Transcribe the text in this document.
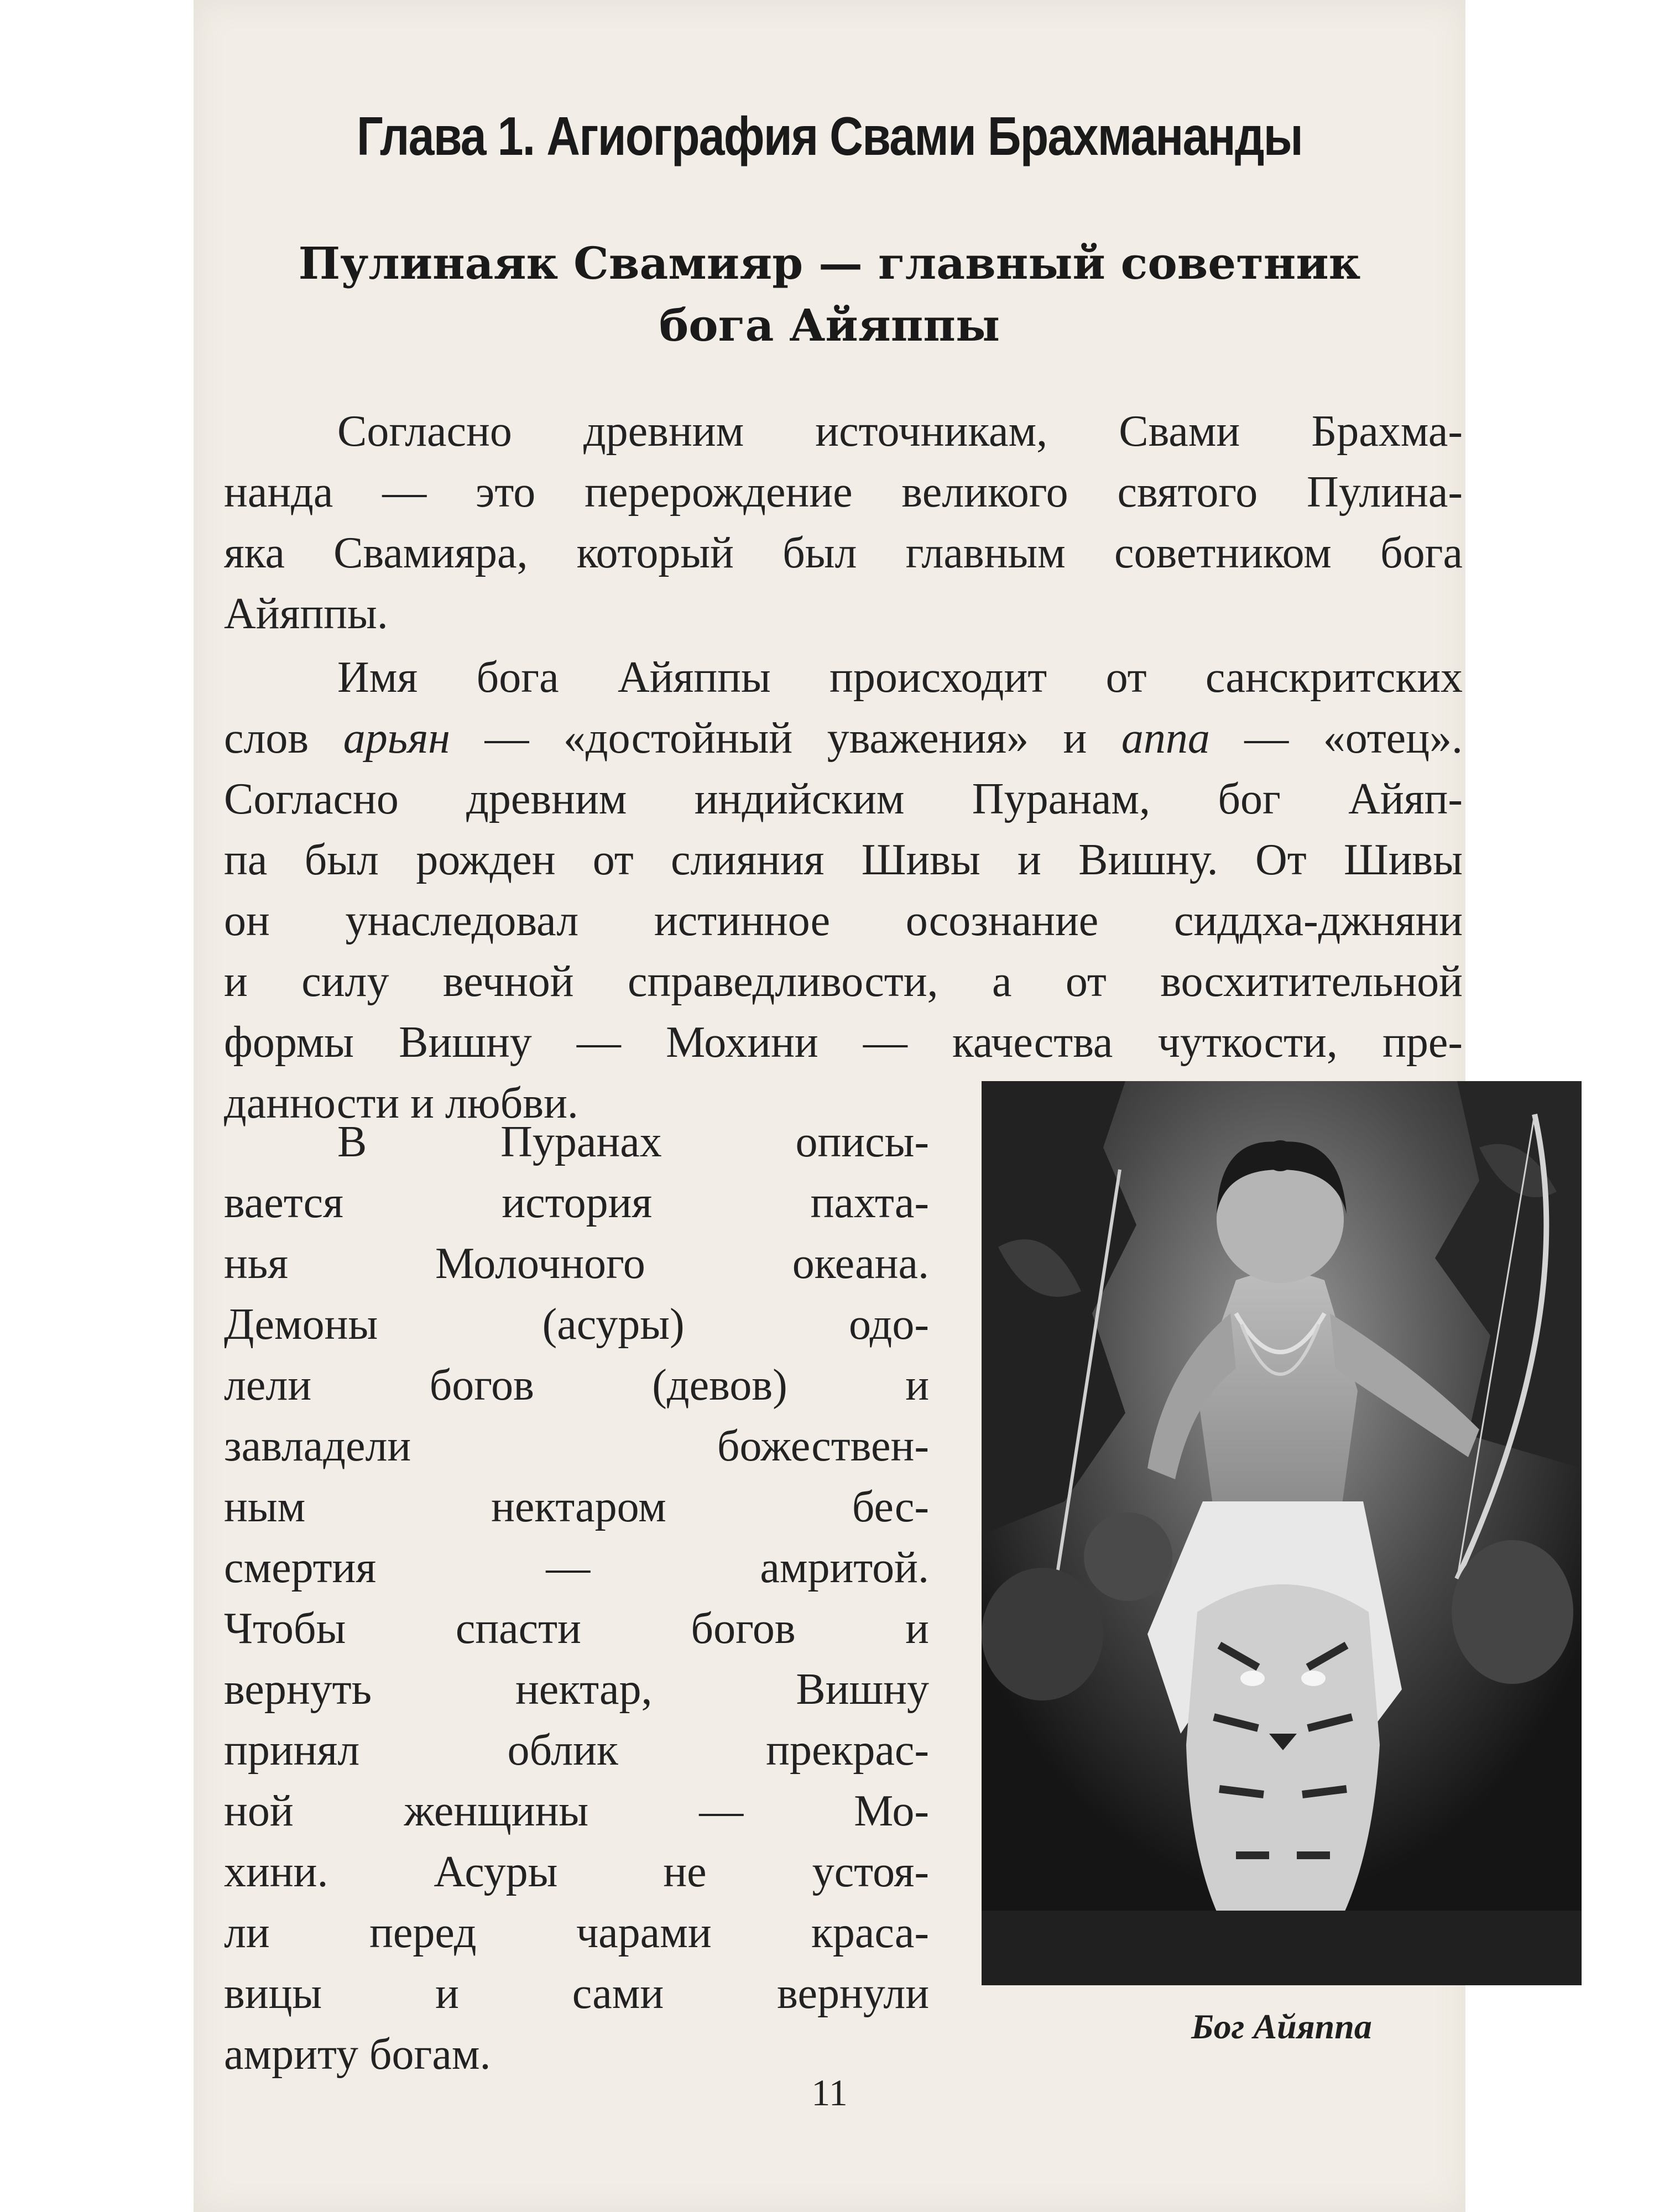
Глава 1. Агиография Свами Брахмананды
Пулинаяк Свамияр — главный советник
бога Айяппы

Согласно древним источникам, Свами Брахма-
нанда — это перерождение великого святого Пулина-
яка Свамияра, который был главным советником бога
Айяппы.

Имя бога Айяппы происходит от санскритских
слов арьян — «достойный уважения» и аппа — «отец».
Согласно древним индийским Пуранам, бог Айяп-
па был рожден от слияния Шивы и Вишну. От Шивы
он унаследовал истинное осознание сиддха-джняни
и силу вечной справедливости, а от восхитительной
формы Вишну — Мохини — качества чуткости, пре-
данности и любви.

В Пуранах описы-
вается история пахта-
нья Молочного океана.
Демоны (асуры) одо-
лели богов (девов) и
завладели божествен-
ным нектаром бес-
смертия — амритой.
Чтобы спасти богов и
вернуть нектар, Вишну
принял облик прекрас-
ной женщины — Мо-
хини. Асуры не устоя-
ли перед чарами краса-
вицы и сами вернули
амриту богам.

Бог Айяппа
11
